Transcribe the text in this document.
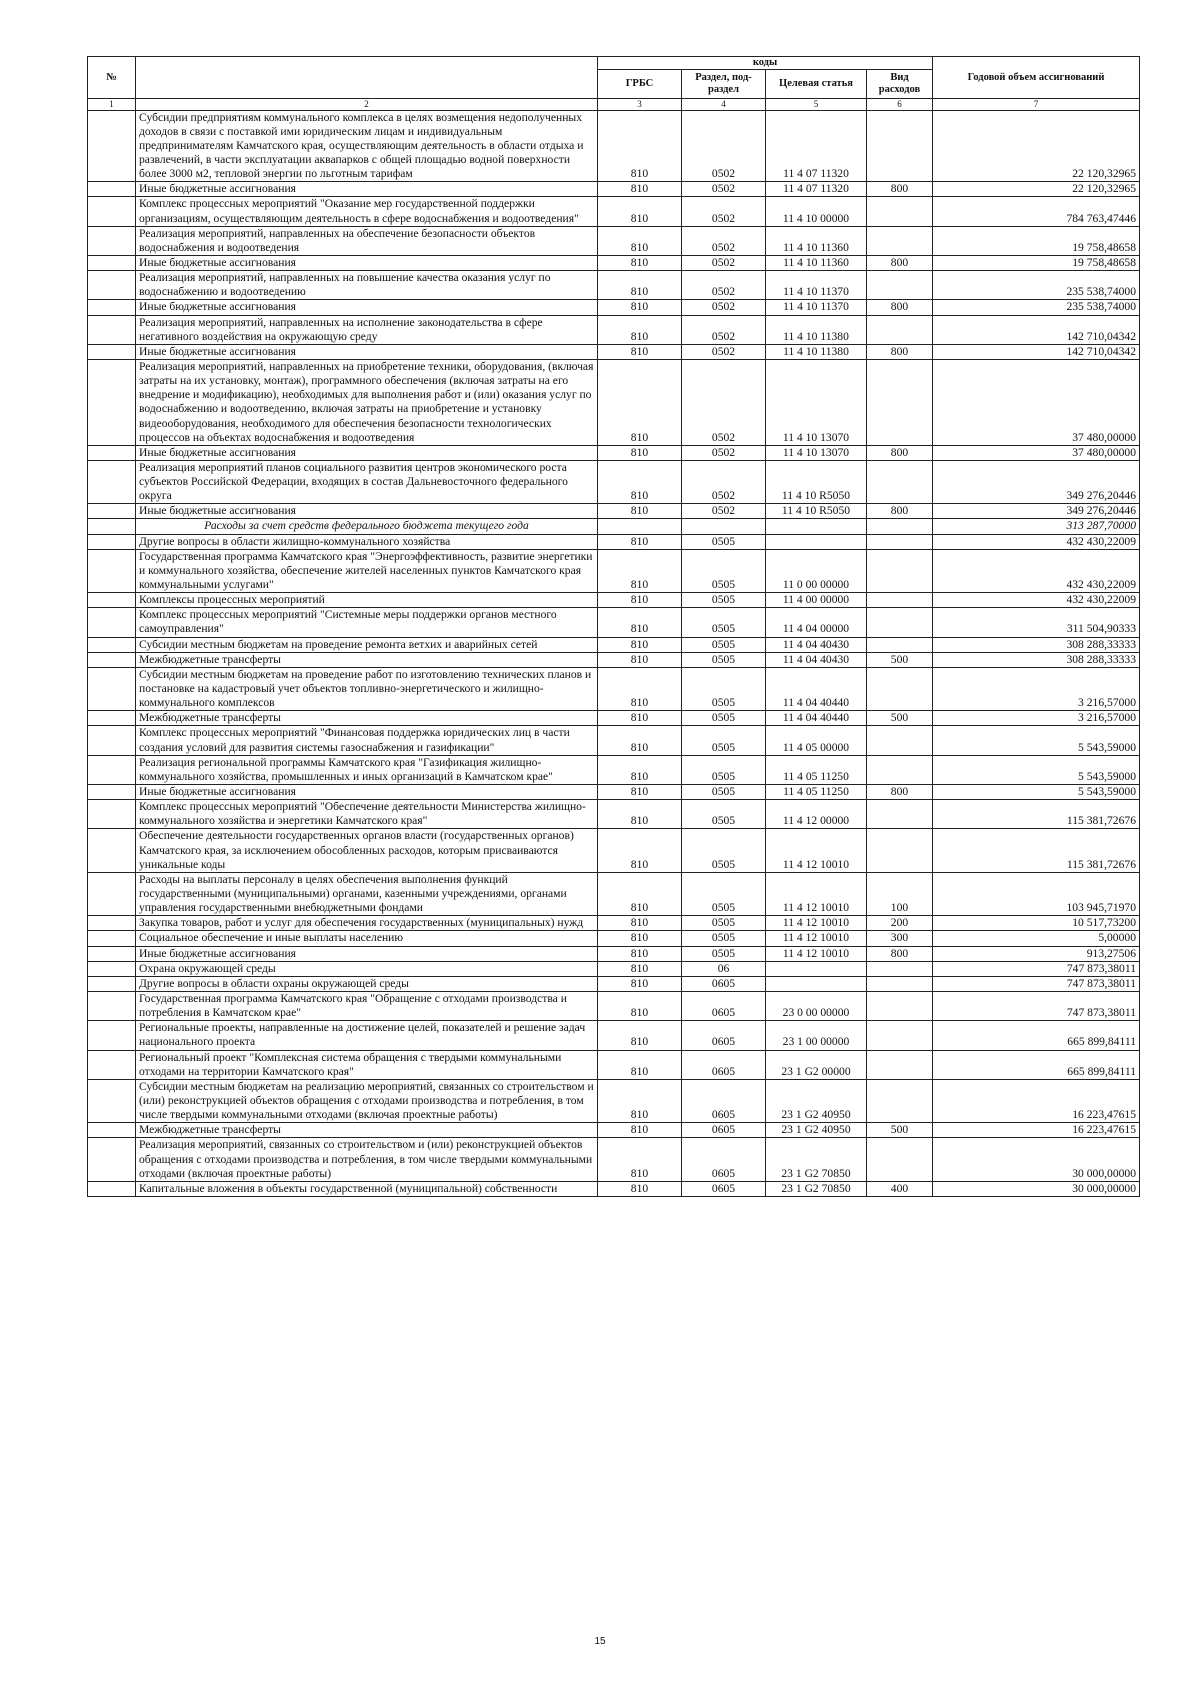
№		коды				Годовой объем ассигнований
		ГРБС	Раздел, под-раздел	Целевая статья	Вид расходов	
1	2	3	4	5	6	7
	Субсидии предприятиям коммунального комплекса в целях возмещения недополученных доходов в связи с поставкой ими юридическим лицам и индивидуальным предпринимателям Камчатского края, осуществляющим деятельность в области отдыха и развлечений, в части эксплуатации аквапарков с общей площадью водной поверхности более 3000 м2, тепловой энергии по льготным тарифам	810	0502	11 4 07 11320		22 120,32965
	Иные бюджетные ассигнования	810	0502	11 4 07 11320	800	22 120,32965
	Комплекс процессных мероприятий "Оказание мер государственной поддержки организациям, осуществляющим деятельность в сфере водоснабжения и водоотведения"	810	0502	11 4 10 00000		784 763,47446
	Реализация мероприятий, направленных на обеспечение безопасности объектов водоснабжения и водоотведения	810	0502	11 4 10 11360		19 758,48658
	Иные бюджетные ассигнования	810	0502	11 4 10 11360	800	19 758,48658
	Реализация мероприятий, направленных на повышение качества оказания услуг по водоснабжению и водоотведению	810	0502	11 4 10 11370		235 538,74000
	Иные бюджетные ассигнования	810	0502	11 4 10 11370	800	235 538,74000
	Реализация мероприятий, направленных на исполнение законодательства в сфере негативного воздействия на окружающую среду	810	0502	11 4 10 11380		142 710,04342
	Иные бюджетные ассигнования	810	0502	11 4 10 11380	800	142 710,04342
	Реализация мероприятий, направленных на приобретение техники, оборудования, (включая затраты на их установку, монтаж), программного обеспечения (включая затраты на его внедрение и модификацию), необходимых для выполнения работ и (или) оказания услуг по водоснабжению и водоотведению, включая затраты на приобретение и установку видеооборудования, необходимого для обеспечения безопасности технологических процессов на объектах водоснабжения и водоотведения	810	0502	11 4 10 13070		37 480,00000
	Иные бюджетные ассигнования	810	0502	11 4 10 13070	800	37 480,00000
	Реализация мероприятий планов социального развития центров экономического роста субъектов Российской Федерации, входящих в состав Дальневосточного федерального округа	810	0502	11 4 10 R5050		349 276,20446
	Иные бюджетные ассигнования	810	0502	11 4 10 R5050	800	349 276,20446
	Расходы за счет средств федерального бюджета текущего года					313 287,70000
	Другие вопросы в области жилищно-коммунального хозяйства	810	0505			432 430,22009
	Государственная программа Камчатского края "Энергоэффективность, развитие энергетики и коммунального хозяйства, обеспечение жителей населенных пунктов Камчатского края коммунальными услугами"	810	0505	11 0 00 00000		432 430,22009
	Комплексы процессных мероприятий	810	0505	11 4 00 00000		432 430,22009
	Комплекс процессных мероприятий "Системные меры поддержки органов местного самоуправления"	810	0505	11 4 04 00000		311 504,90333
	Субсидии местным бюджетам на проведение ремонта ветхих и аварийных сетей	810	0505	11 4 04 40430		308 288,33333
	Межбюджетные трансферты	810	0505	11 4 04 40430	500	308 288,33333
	Субсидии местным бюджетам на проведение работ по изготовлению технических планов и постановке на кадастровый учет объектов топливно-энергетического и жилищно-коммунального комплексов	810	0505	11 4 04 40440		3 216,57000
	Межбюджетные трансферты	810	0505	11 4 04 40440	500	3 216,57000
	Комплекс процессных мероприятий "Финансовая поддержка юридических лиц в части создания условий для развития системы газоснабжения и газификации"	810	0505	11 4 05 00000		5 543,59000
	Реализация региональной программы Камчатского края "Газификация жилищно-коммунального хозяйства, промышленных и иных организаций в Камчатском крае"	810	0505	11 4 05 11250		5 543,59000
	Иные бюджетные ассигнования	810	0505	11 4 05 11250	800	5 543,59000
	Комплекс процессных мероприятий "Обеспечение деятельности Министерства жилищно-коммунального хозяйства и энергетики Камчатского края"	810	0505	11 4 12 00000		115 381,72676
	Обеспечение деятельности государственных органов власти (государственных органов) Камчатского края, за исключением обособленных расходов, которым присваиваются уникальные коды	810	0505	11 4 12 10010		115 381,72676
	Расходы на выплаты персоналу в целях обеспечения выполнения функций государственными (муниципальными) органами, казенными учреждениями, органами управления государственными внебюджетными фондами	810	0505	11 4 12 10010	100	103 945,71970
	Закупка товаров, работ и услуг для обеспечения государственных (муниципальных) нужд	810	0505	11 4 12 10010	200	10 517,73200
	Социальное обеспечение и иные выплаты населению	810	0505	11 4 12 10010	300	5,00000
	Иные бюджетные ассигнования	810	0505	11 4 12 10010	800	913,27506
	Охрана окружающей среды	810	06			747 873,38011
	Другие вопросы в области охраны окружающей среды	810	0605			747 873,38011
	Государственная программа Камчатского края "Обращение с отходами производства и потребления в Камчатском крае"	810	0605	23 0 00 00000		747 873,38011
	Региональные проекты, направленные на достижение целей, показателей и решение задач национального проекта	810	0605	23 1 00 00000		665 899,84111
	Региональный проект "Комплексная система обращения с твердыми коммунальными отходами на территории Камчатского края"	810	0605	23 1 G2 00000		665 899,84111
	Субсидии местным бюджетам на реализацию мероприятий, связанных со строительством и (или) реконструкцией объектов обращения с отходами производства и потребления, в том числе твердыми коммунальными отходами (включая проектные работы)	810	0605	23 1 G2 40950		16 223,47615
	Межбюджетные трансферты	810	0605	23 1 G2 40950	500	16 223,47615
	Реализация мероприятий, связанных со строительством и (или) реконструкцией объектов обращения с отходами производства и потребления, в том числе твердыми коммунальными отходами (включая проектные работы)	810	0605	23 1 G2 70850		30 000,00000
	Капитальные вложения в объекты государственной (муниципальной) собственности	810	0605	23 1 G2 70850	400	30 000,00000
15
